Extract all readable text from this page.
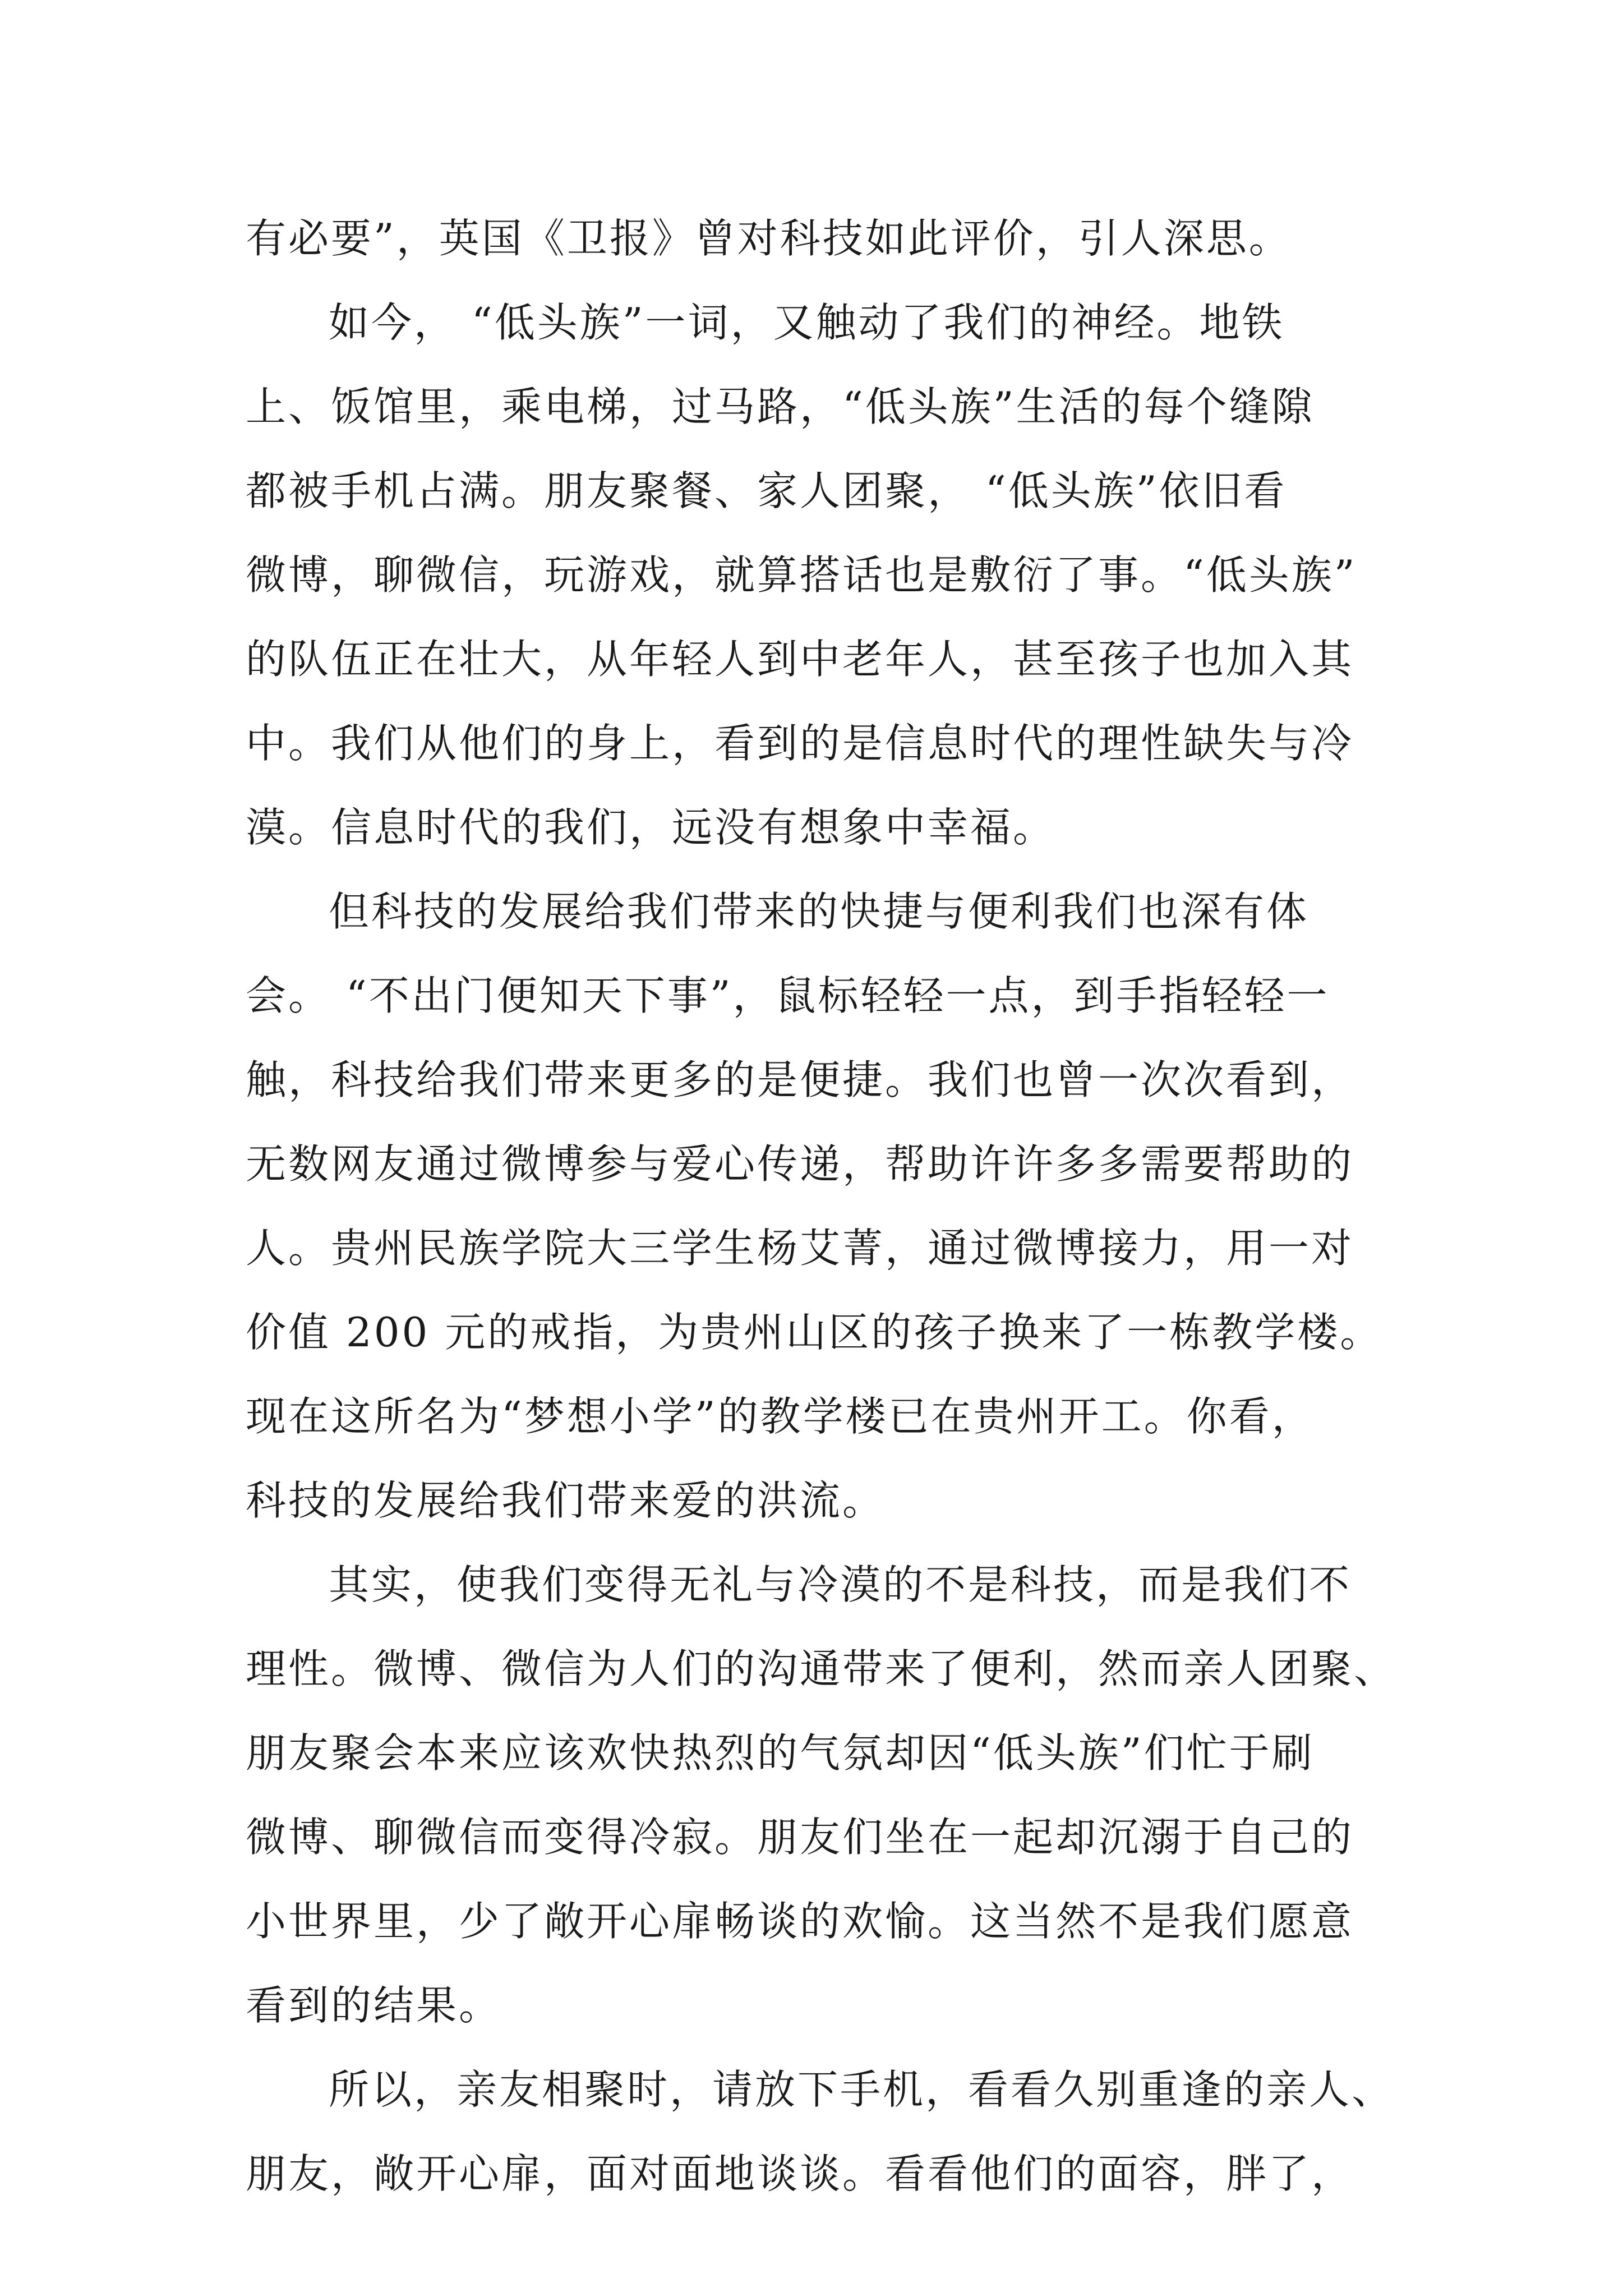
有必要”，英国《卫报》曾对科技如此评价，引人深思。
如今， “低头族”一词，又触动了我们的神经。地铁
上、饭馆里，乘电梯，过马路，“低头族”生活的每个缝隙
都被手机占满。朋友聚餐、家人团聚， “低头族”依旧看
微博，聊微信，玩游戏，就算搭话也是敷衍了事。“低头族”
的队伍正在壮大，从年轻人到中老年人，甚至孩子也加入其
中。我们从他们的身上，看到的是信息时代的理性缺失与冷
漠。信息时代的我们，远没有想象中幸福。
但科技的发展给我们带来的快捷与便利我们也深有体
会。 “不出门便知天下事”，鼠标轻轻一点，到手指轻轻一
触，科技给我们带来更多的是便捷。我们也曾一次次看到，
无数网友通过微博参与爱心传递，帮助许许多多需要帮助的
人。贵州民族学院大三学生杨艾菁，通过微博接力，用一对
价值 200 元的戒指，为贵州山区的孩子换来了一栋教学楼。
现在这所名为“梦想小学”的教学楼已在贵州开工。你看，
科技的发展给我们带来爱的洪流。
其实，使我们变得无礼与冷漠的不是科技，而是我们不
理性。微博、微信为人们的沟通带来了便利，然而亲人团聚、
朋友聚会本来应该欢快热烈的气氛却因“低头族”们忙于刷
微博、聊微信而变得冷寂。朋友们坐在一起却沉溺于自己的
小世界里，少了敞开心扉畅谈的欢愉。这当然不是我们愿意
看到的结果。
所以，亲友相聚时，请放下手机，看看久别重逢的亲人、
朋友，敞开心扉，面对面地谈谈。看看他们的面容，胖了，
